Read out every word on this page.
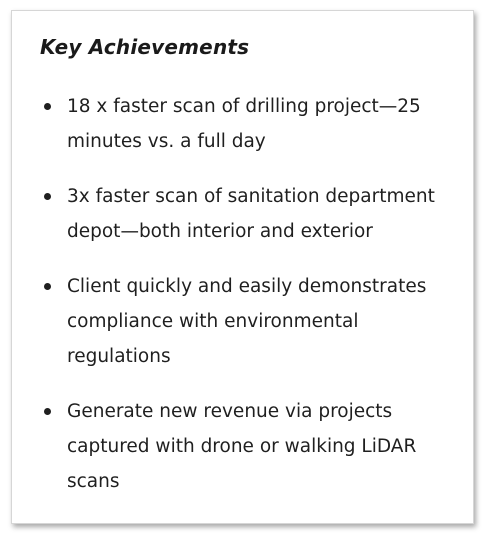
Key Achievements
18 x faster scan of drilling project—25 minutes vs. a full day
3x faster scan of sanitation department depot—both interior and exterior
Client quickly and easily demonstrates compliance with environmental regulations
Generate new revenue via projects captured with drone or walking LiDAR scans
